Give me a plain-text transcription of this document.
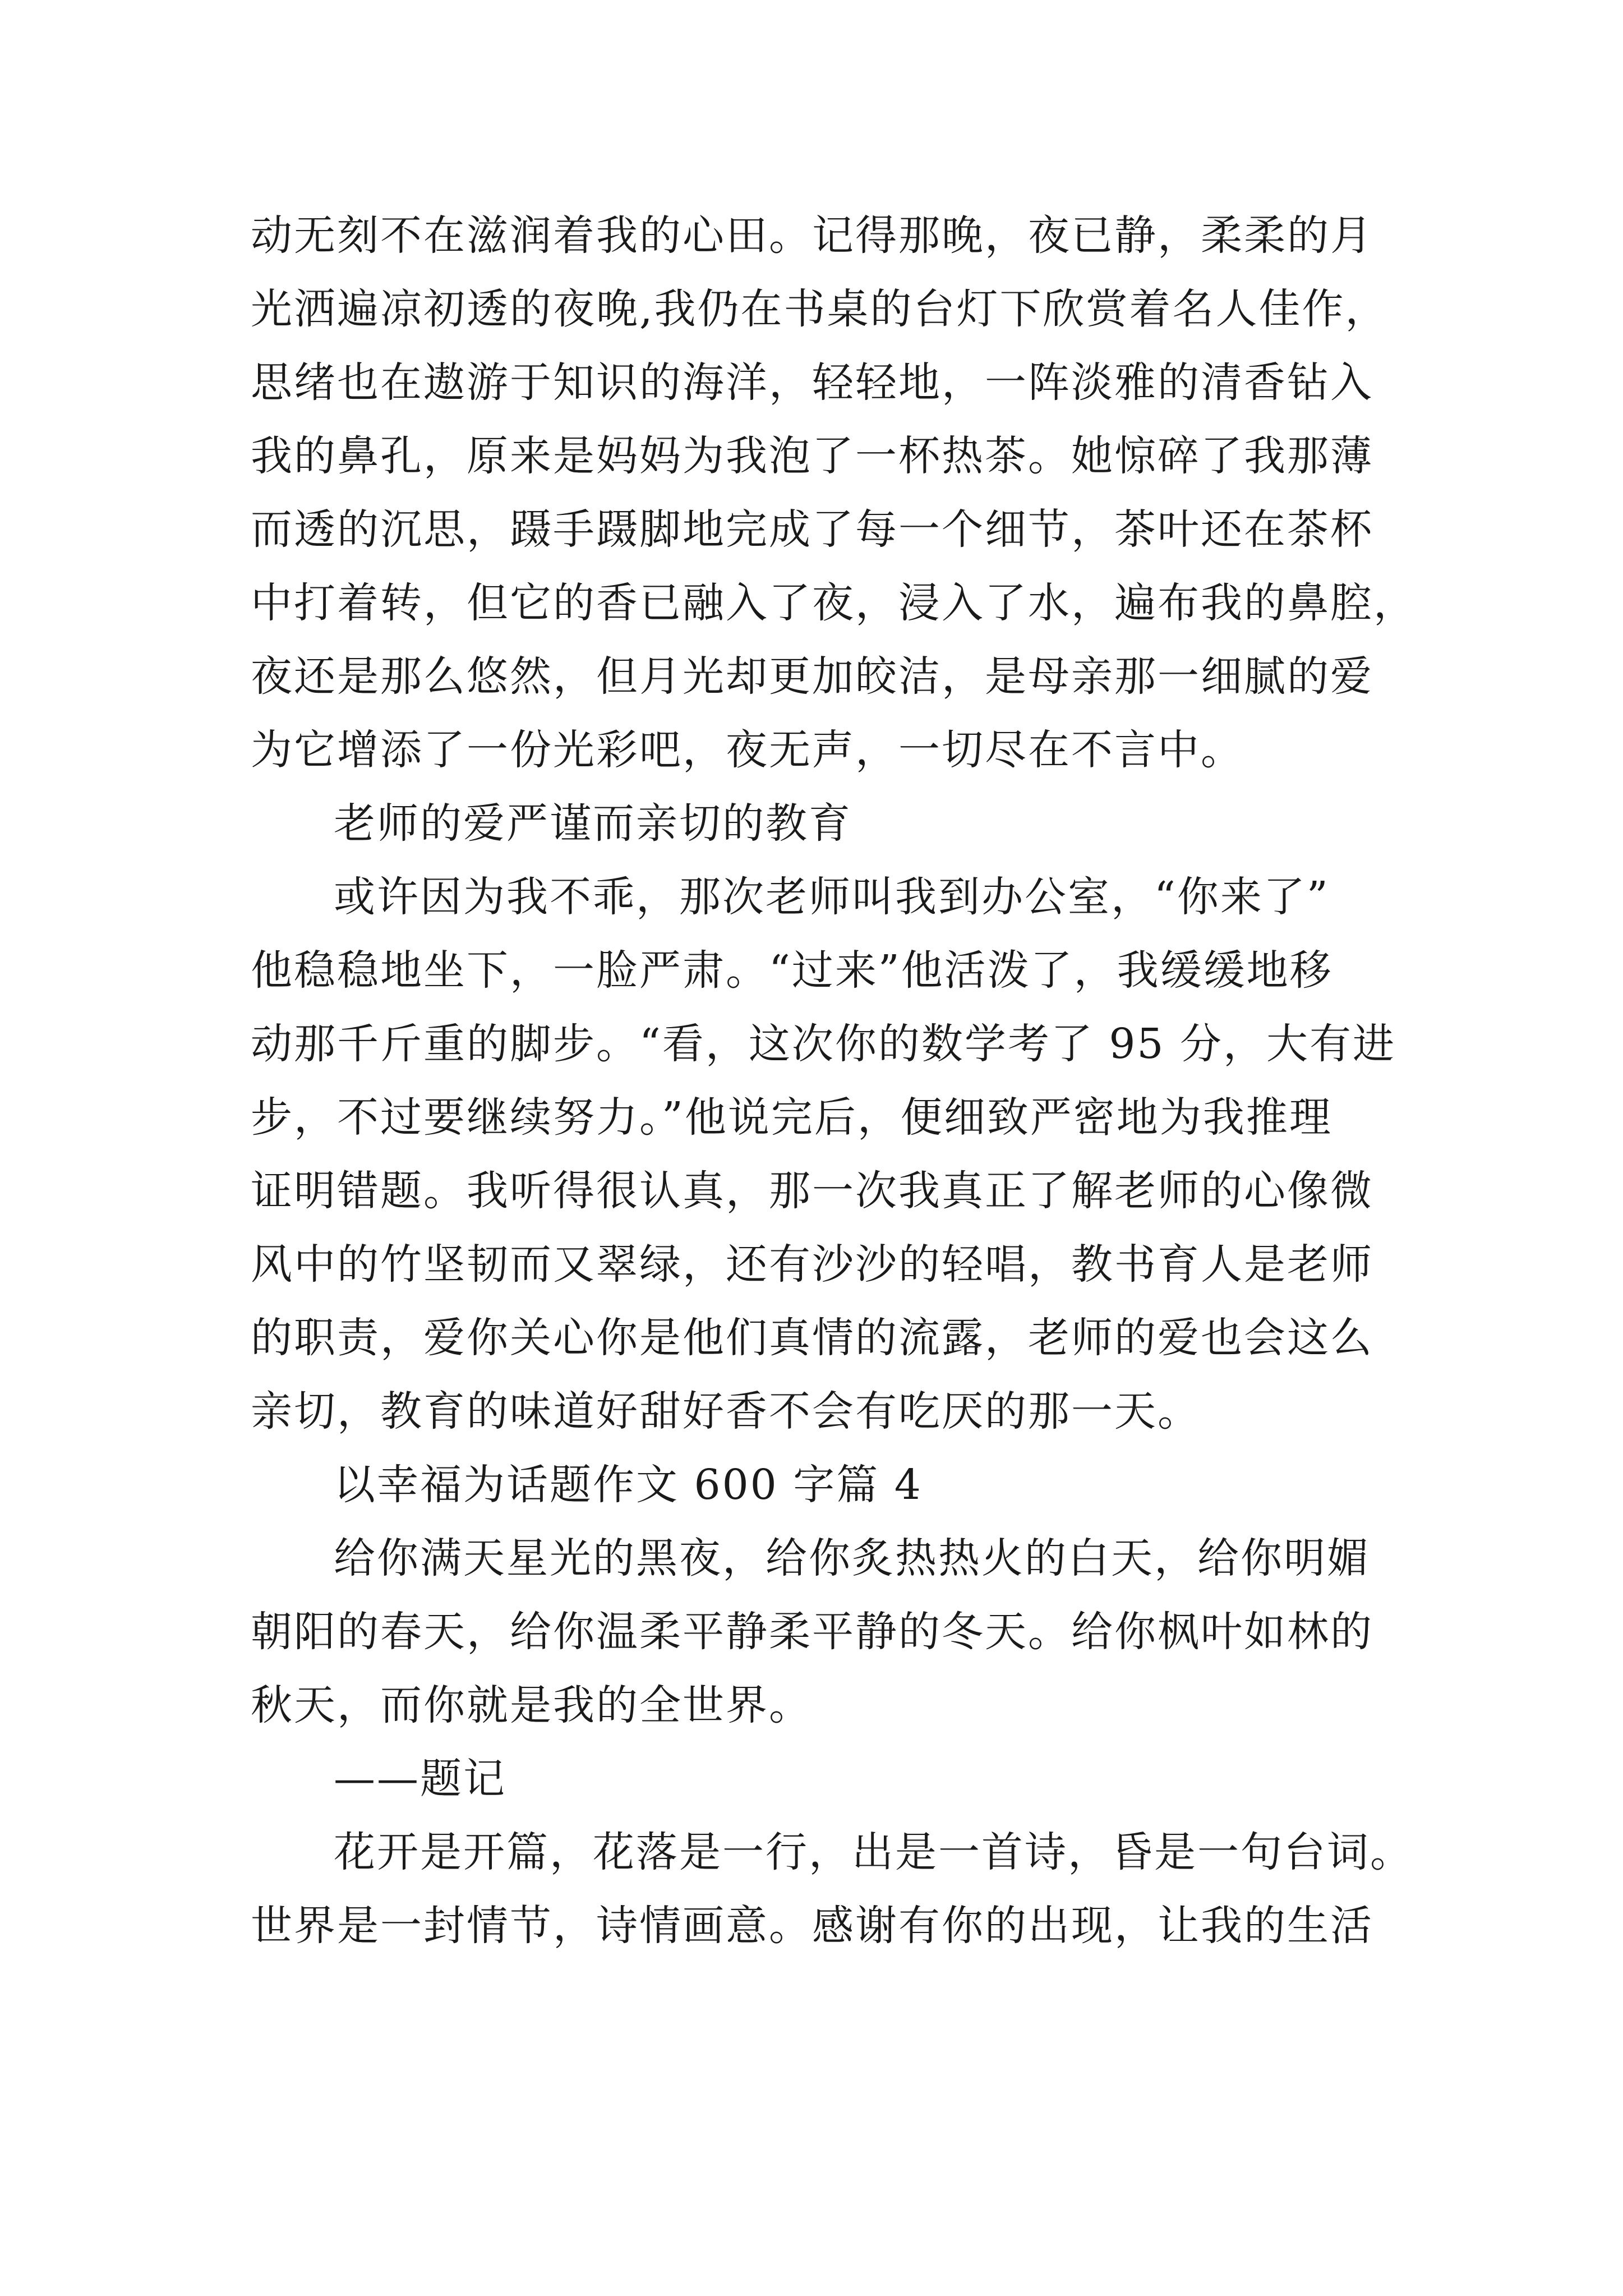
动无刻不在滋润着我的心田。记得那晚，夜已静，柔柔的月
光洒遍凉初透的夜晚,我仍在书桌的台灯下欣赏着名人佳作，
思绪也在遨游于知识的海洋，轻轻地，一阵淡雅的清香钻入
我的鼻孔，原来是妈妈为我泡了一杯热茶。她惊碎了我那薄
而透的沉思，蹑手蹑脚地完成了每一个细节，茶叶还在茶杯
中打着转，但它的香已融入了夜，浸入了水，遍布我的鼻腔，
夜还是那么悠然，但月光却更加皎洁，是母亲那一细腻的爱
为它增添了一份光彩吧，夜无声，一切尽在不言中。
老师的爱严谨而亲切的教育
或许因为我不乖，那次老师叫我到办公室，“你来了”
他稳稳地坐下，一脸严肃。“过来”他活泼了，我缓缓地移
动那千斤重的脚步。“看，这次你的数学考了 95 分，大有进
步，不过要继续努力。”他说完后，便细致严密地为我推理
证明错题。我听得很认真，那一次我真正了解老师的心像微
风中的竹坚韧而又翠绿，还有沙沙的轻唱，教书育人是老师
的职责，爱你关心你是他们真情的流露，老师的爱也会这么
亲切，教育的味道好甜好香不会有吃厌的那一天。
以幸福为话题作文 600 字篇 4
给你满天星光的黑夜，给你炙热热火的白天，给你明媚
朝阳的春天，给你温柔平静柔平静的冬天。给你枫叶如林的
秋天，而你就是我的全世界。
——题记
花开是开篇，花落是一行，出是一首诗，昏是一句台词。
世界是一封情节，诗情画意。感谢有你的出现，让我的生活
